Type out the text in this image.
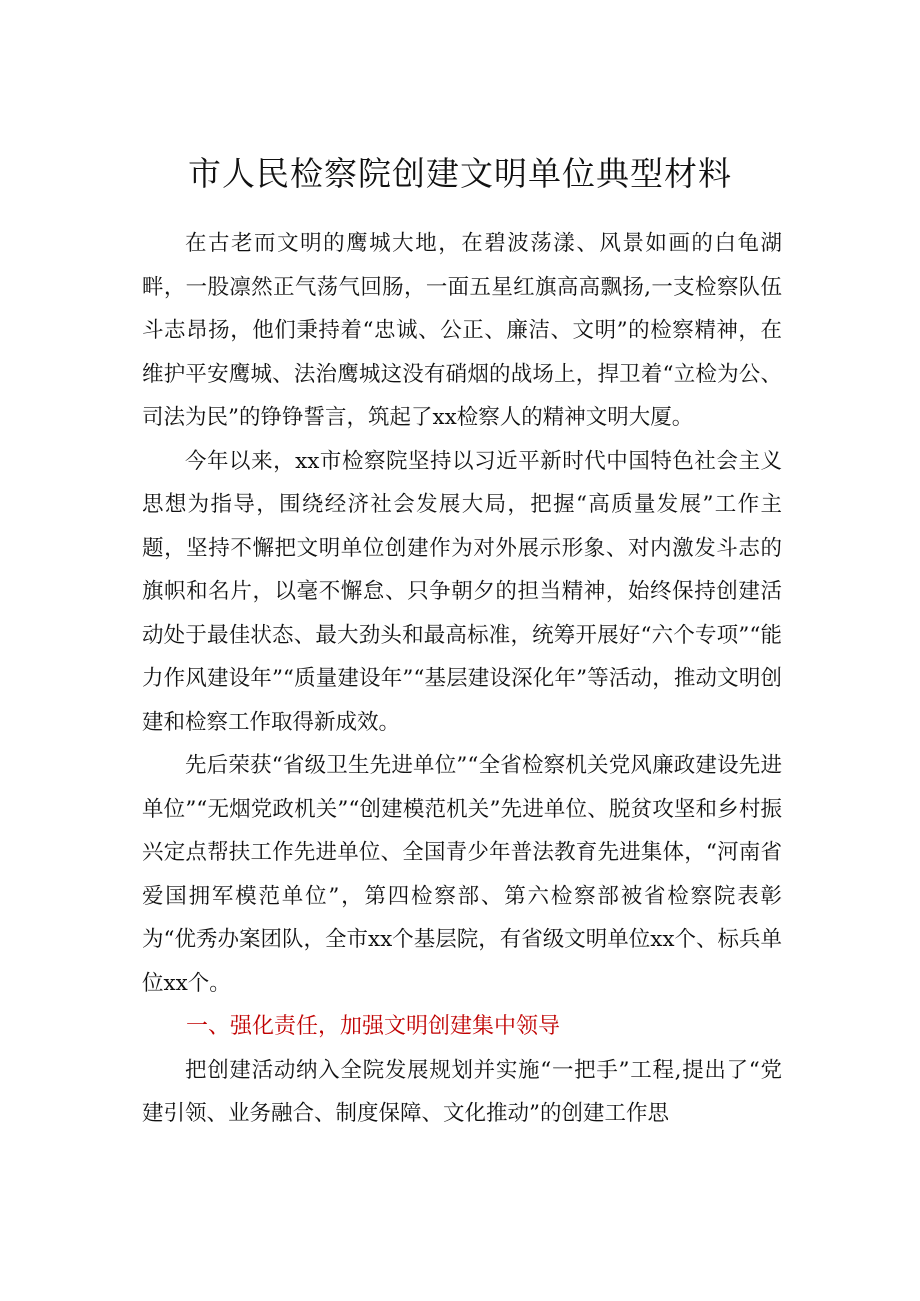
市人民检察院创建文明单位典型材料

在古老而文明的鹰城大地，在碧波荡漾、风景如画的白龟湖畔，一股凛然正气荡气回肠，一面五星红旗高高飘扬,一支检察队伍斗志昂扬，他们秉持着“忠诚、公正、廉洁、文明”的检察精神，在维护平安鹰城、法治鹰城这没有硝烟的战场上，捍卫着“立检为公、司法为民”的铮铮誓言，筑起了xx检察人的精神文明大厦。

今年以来，xx市检察院坚持以习近平新时代中国特色社会主义思想为指导，围绕经济社会发展大局，把握“高质量发展”工作主题，坚持不懈把文明单位创建作为对外展示形象、对内激发斗志的旗帜和名片，以毫不懈怠、只争朝夕的担当精神，始终保持创建活动处于最佳状态、最大劲头和最高标准，统筹开展好“六个专项”“能力作风建设年”“质量建设年”“基层建设深化年”等活动，推动文明创建和检察工作取得新成效。

先后荣获“省级卫生先进单位”“全省检察机关党风廉政建设先进单位”“无烟党政机关”“创建模范机关”先进单位、脱贫攻坚和乡村振兴定点帮扶工作先进单位、全国青少年普法教育先进集体，“河南省爱国拥军模范单位”，第四检察部、第六检察部被省检察院表彰为“优秀办案团队，全市xx个基层院，有省级文明单位xx个、标兵单位xx个。

一、强化责任，加强文明创建集中领导

把创建活动纳入全院发展规划并实施“一把手”工程,提出了“党建引领、业务融合、制度保障、文化推动”的创建工作思
